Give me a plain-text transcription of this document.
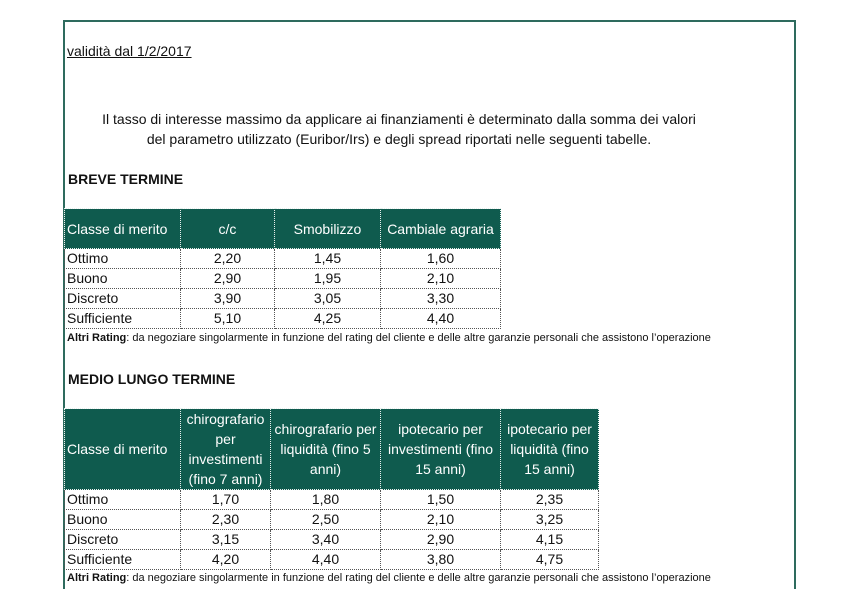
validità dal 1/2/2017
Il tasso di interesse massimo da applicare ai finanziamenti è determinato dalla somma dei valori
del parametro utilizzato (Euribor/Irs) e degli spread riportati nelle seguenti tabelle.
BREVE TERMINE
Classe di merito	c/c	Smobilizzo	Cambiale agraria
Ottimo	2,20	1,45	1,60
Buono	2,90	1,95	2,10
Discreto	3,90	3,05	3,30
Sufficiente	5,10	4,25	4,40
Altri Rating: da negoziare singolarmente in funzione del rating del cliente e delle altre garanzie personali che assistono l’operazione
MEDIO LUNGO TERMINE
Classe di merito	chirografario per investimenti (fino 7 anni)	chirografario per liquidità (fino 5 anni)	ipotecario per investimenti (fino 15 anni)	ipotecario per liquidità (fino 15 anni)
Ottimo	1,70	1,80	1,50	2,35
Buono	2,30	2,50	2,10	3,25
Discreto	3,15	3,40	2,90	4,15
Sufficiente	4,20	4,40	3,80	4,75
Altri Rating: da negoziare singolarmente in funzione del rating del cliente e delle altre garanzie personali che assistono l’operazione
